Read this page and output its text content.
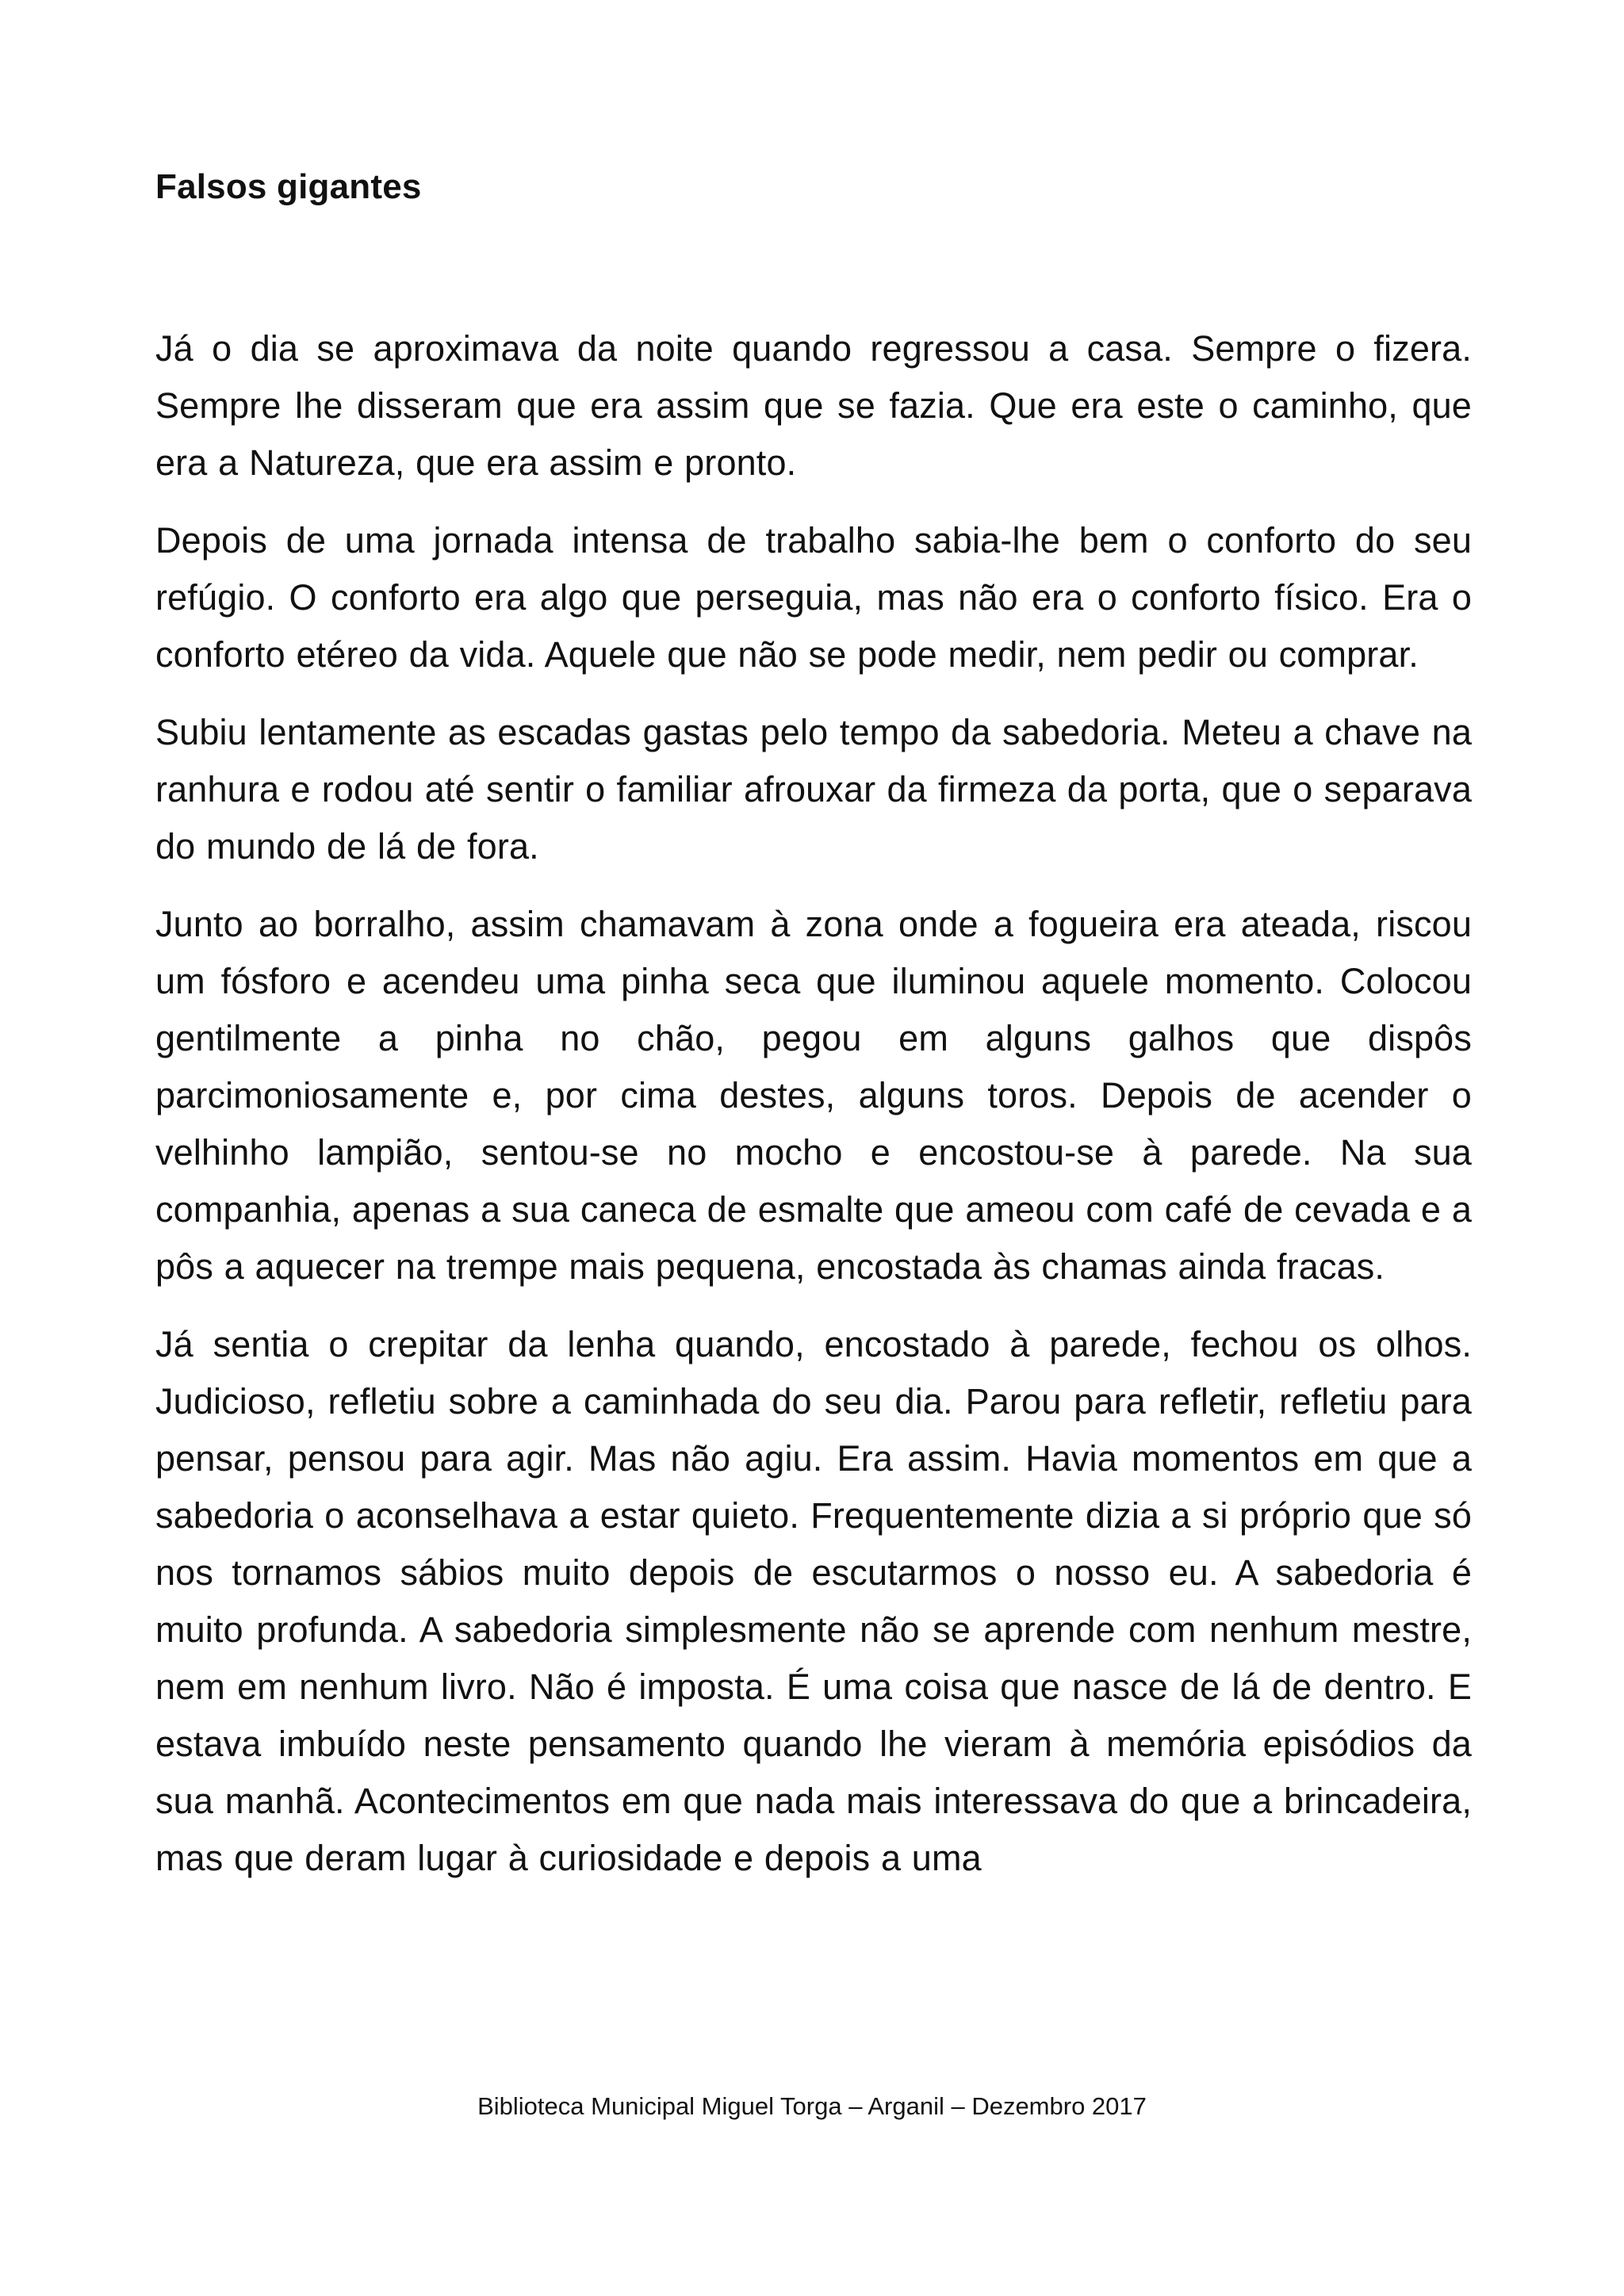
Falsos gigantes

Já o dia se aproximava da noite quando regressou a casa. Sempre o fizera. Sempre lhe disseram que era assim que se fazia. Que era este o caminho, que era a Natureza, que era assim e pronto.

Depois de uma jornada intensa de trabalho sabia-lhe bem o conforto do seu refúgio. O conforto era algo que perseguia, mas não era o conforto físico. Era o conforto etéreo da vida. Aquele que não se pode medir, nem pedir ou comprar.

Subiu lentamente as escadas gastas pelo tempo da sabedoria. Meteu a chave na ranhura e rodou até sentir o familiar afrouxar da firmeza da porta, que o separava do mundo de lá de fora.

Junto ao borralho, assim chamavam à zona onde a fogueira era ateada, riscou um fósforo e acendeu uma pinha seca que iluminou aquele momento. Colocou gentilmente a pinha no chão, pegou em alguns galhos que dispôs parcimoniosamente e, por cima destes, alguns toros. Depois de acender o velhinho lampião, sentou-se no mocho e encostou-se à parede. Na sua companhia, apenas a sua caneca de esmalte que ameou com café de cevada e a pôs a aquecer na trempe mais pequena, encostada às chamas ainda fracas.

Já sentia o crepitar da lenha quando, encostado à parede, fechou os olhos. Judicioso, refletiu sobre a caminhada do seu dia. Parou para refletir, refletiu para pensar, pensou para agir. Mas não agiu. Era assim. Havia momentos em que a sabedoria o aconselhava a estar quieto. Frequentemente dizia a si próprio que só nos tornamos sábios muito depois de escutarmos o nosso eu. A sabedoria é muito profunda. A sabedoria simplesmente não se aprende com nenhum mestre, nem em nenhum livro. Não é imposta. É uma coisa que nasce de lá de dentro. E estava imbuído neste pensamento quando lhe vieram à memória episódios da sua manhã. Acontecimentos em que nada mais interessava do que a brincadeira, mas que deram lugar à curiosidade e depois a uma

Biblioteca Municipal Miguel Torga – Arganil – Dezembro 2017
